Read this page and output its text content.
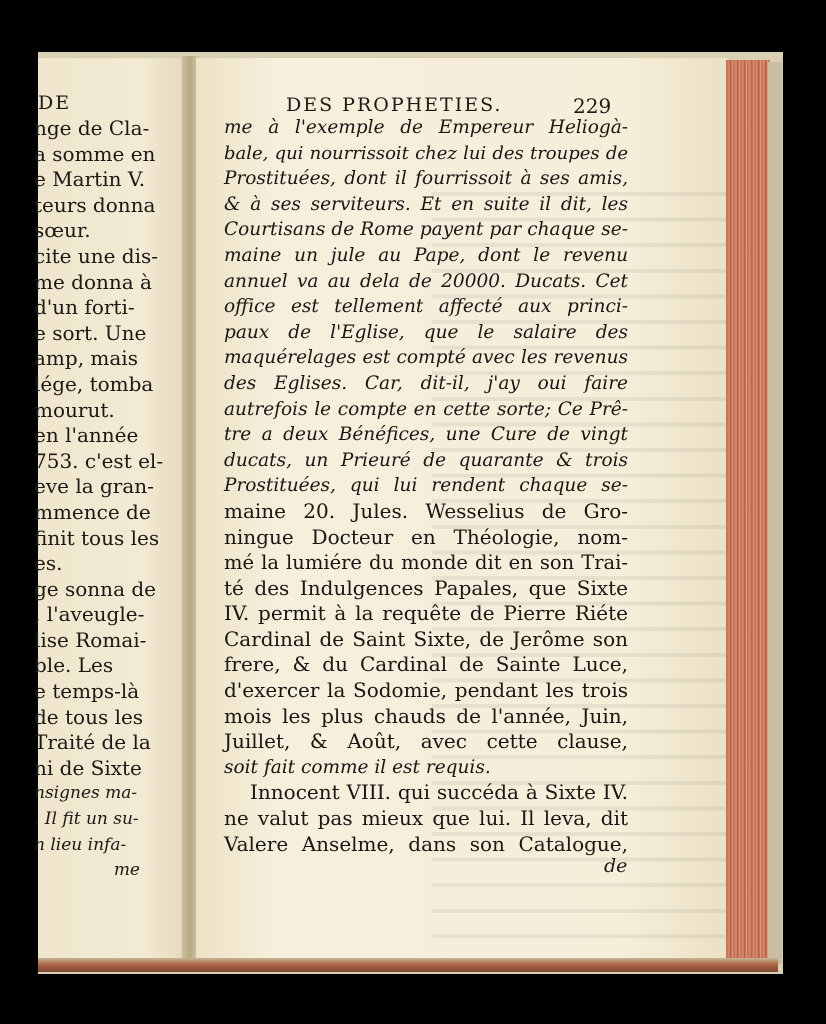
DE
nge de Cla-
a somme en
e Martin V.
teurs donna
sœur.
cite une dis-
me donna à
d'un forti-
e sort. Une
amp, mais
lége, tomba
mourut.
en l'année
753. c'est el-
eve la gran-
mmence de
finit tous les
es.
ge sonna de
, l'aveugle-
lise Romai-
ble. Les
e temps-là
de tous les
Traité de la
ni de Sixte
nsignes ma-
. Il fit un su-
n lieu infa-
me
DES PROPHETIES.	229
me à l'exemple de Empereur Heliogà-
bale, qui nourrissoit chez lui des troupes de
Prostituées, dont il fourrissoit à ses amis,
& à ses serviteurs. Et en suite il dit, les
Courtisans de Rome payent par chaque se-
maine un jule au Pape, dont le revenu
annuel va au dela de 20000. Ducats. Cet
office est tellement affecté aux princi-
paux de l'Eglise, que le salaire des
maquérelages est compté avec les revenus
des Eglises. Car, dit-il, j'ay oui faire
autrefois le compte en cette sorte; Ce Prê-
tre a deux Bénéfices, une Cure de vingt
ducats, un Prieuré de quarante & trois
Prostituées, qui lui rendent chaque se-
maine 20. Jules. Wesselius de Gro-
ningue Docteur en Théologie, nom-
mé la lumiére du monde dit en son Trai-
té des Indulgences Papales, que Sixte
IV. permit à la requête de Pierre Riéte
Cardinal de Saint Sixte, de Jerôme son
frere, & du Cardinal de Sainte Luce,
d'exercer la Sodomie, pendant les trois
mois les plus chauds de l'année, Juin,
Juillet, & Août, avec cette clause,
soit fait comme il est requis.
Innocent VIII. qui succéda à Sixte IV.
ne valut pas mieux que lui. Il leva, dit
Valere Anselme, dans son Catalogue,
de
